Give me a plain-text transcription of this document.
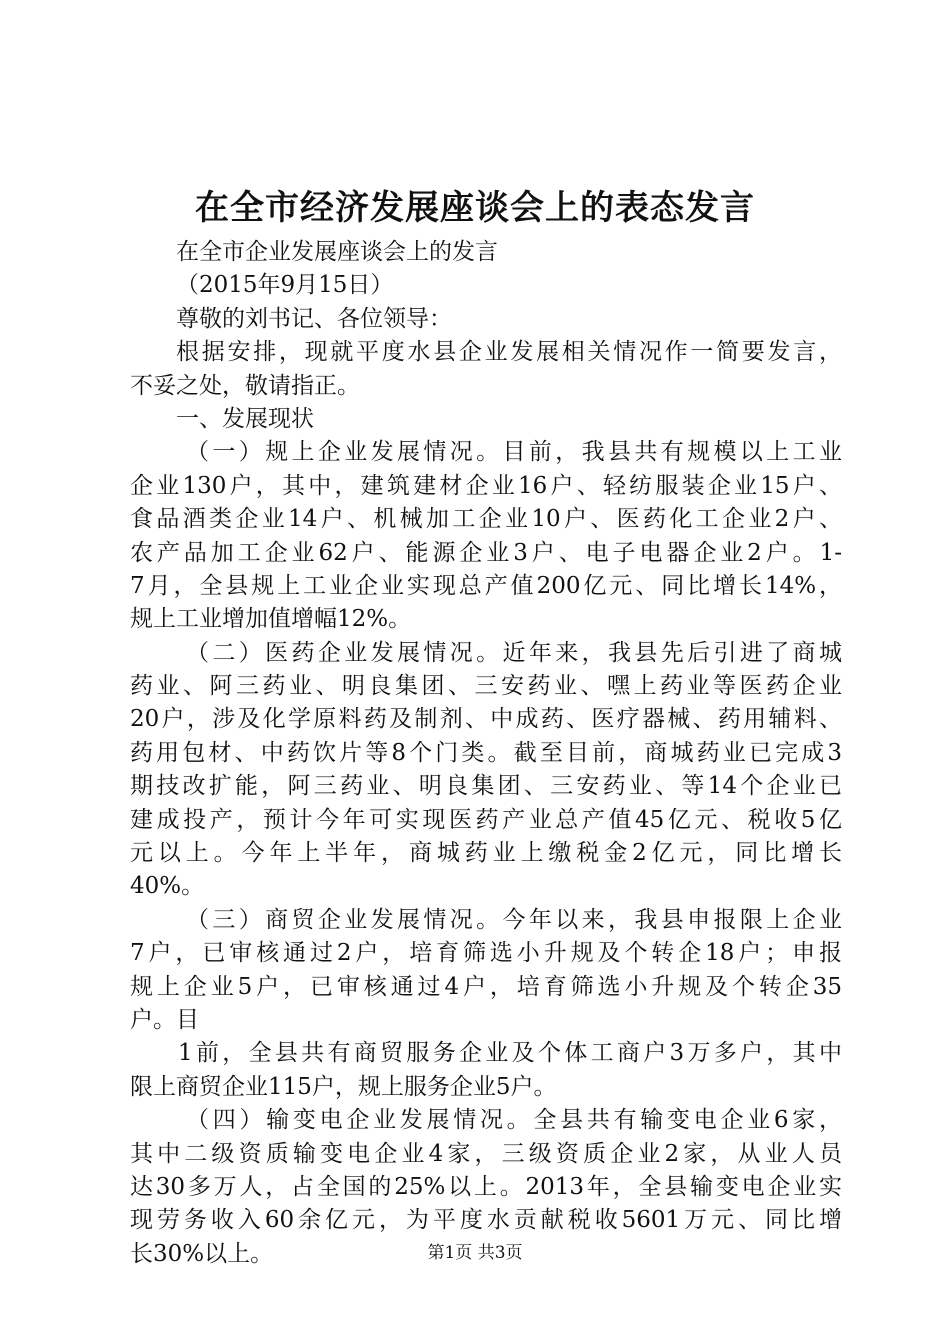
在全市经济发展座谈会上的表态发言
在全市企业发展座谈会上的发言
（2015年9月15日）
尊敬的刘书记、各位领导：
根据安排，现就平度水县企业发展相关情况作一简要发言，
不妥之处，敬请指正。
一、发展现状
（一）规上企业发展情况。目前，我县共有规模以上工业
企业130户，其中，建筑建材企业16户、轻纺服装企业15户、
食品酒类企业14户、机械加工企业10户、医药化工企业2户、
农产品加工企业62户、能源企业3户、电子电器企业2户。1-
7月，全县规上工业企业实现总产值200亿元、同比增长14%，
规上工业增加值增幅12%。
（二）医药企业发展情况。近年来，我县先后引进了商城
药业、阿三药业、明良集团、三安药业、嘿上药业等医药企业
20户，涉及化学原料药及制剂、中成药、医疗器械、药用辅料、
药用包材、中药饮片等8个门类。截至目前，商城药业已完成3
期技改扩能，阿三药业、明良集团、三安药业、等14个企业已
建成投产，预计今年可实现医药产业总产值45亿元、税收5亿
元以上。今年上半年，商城药业上缴税金2亿元，同比增长
40%。
（三）商贸企业发展情况。今年以来，我县申报限上企业
7户，已审核通过2户，培育筛选小升规及个转企18户；申报
规上企业5户，已审核通过4户，培育筛选小升规及个转企35
户。目
1前，全县共有商贸服务企业及个体工商户3万多户，其中
限上商贸企业115户，规上服务企业5户。
（四）输变电企业发展情况。全县共有输变电企业6家，
其中二级资质输变电企业4家，三级资质企业2家，从业人员
达30多万人，占全国的25%以上。2013年，全县输变电企业实
现劳务收入60余亿元，为平度水贡献税收5601万元、同比增
长30%以上。	第1页 共3页
